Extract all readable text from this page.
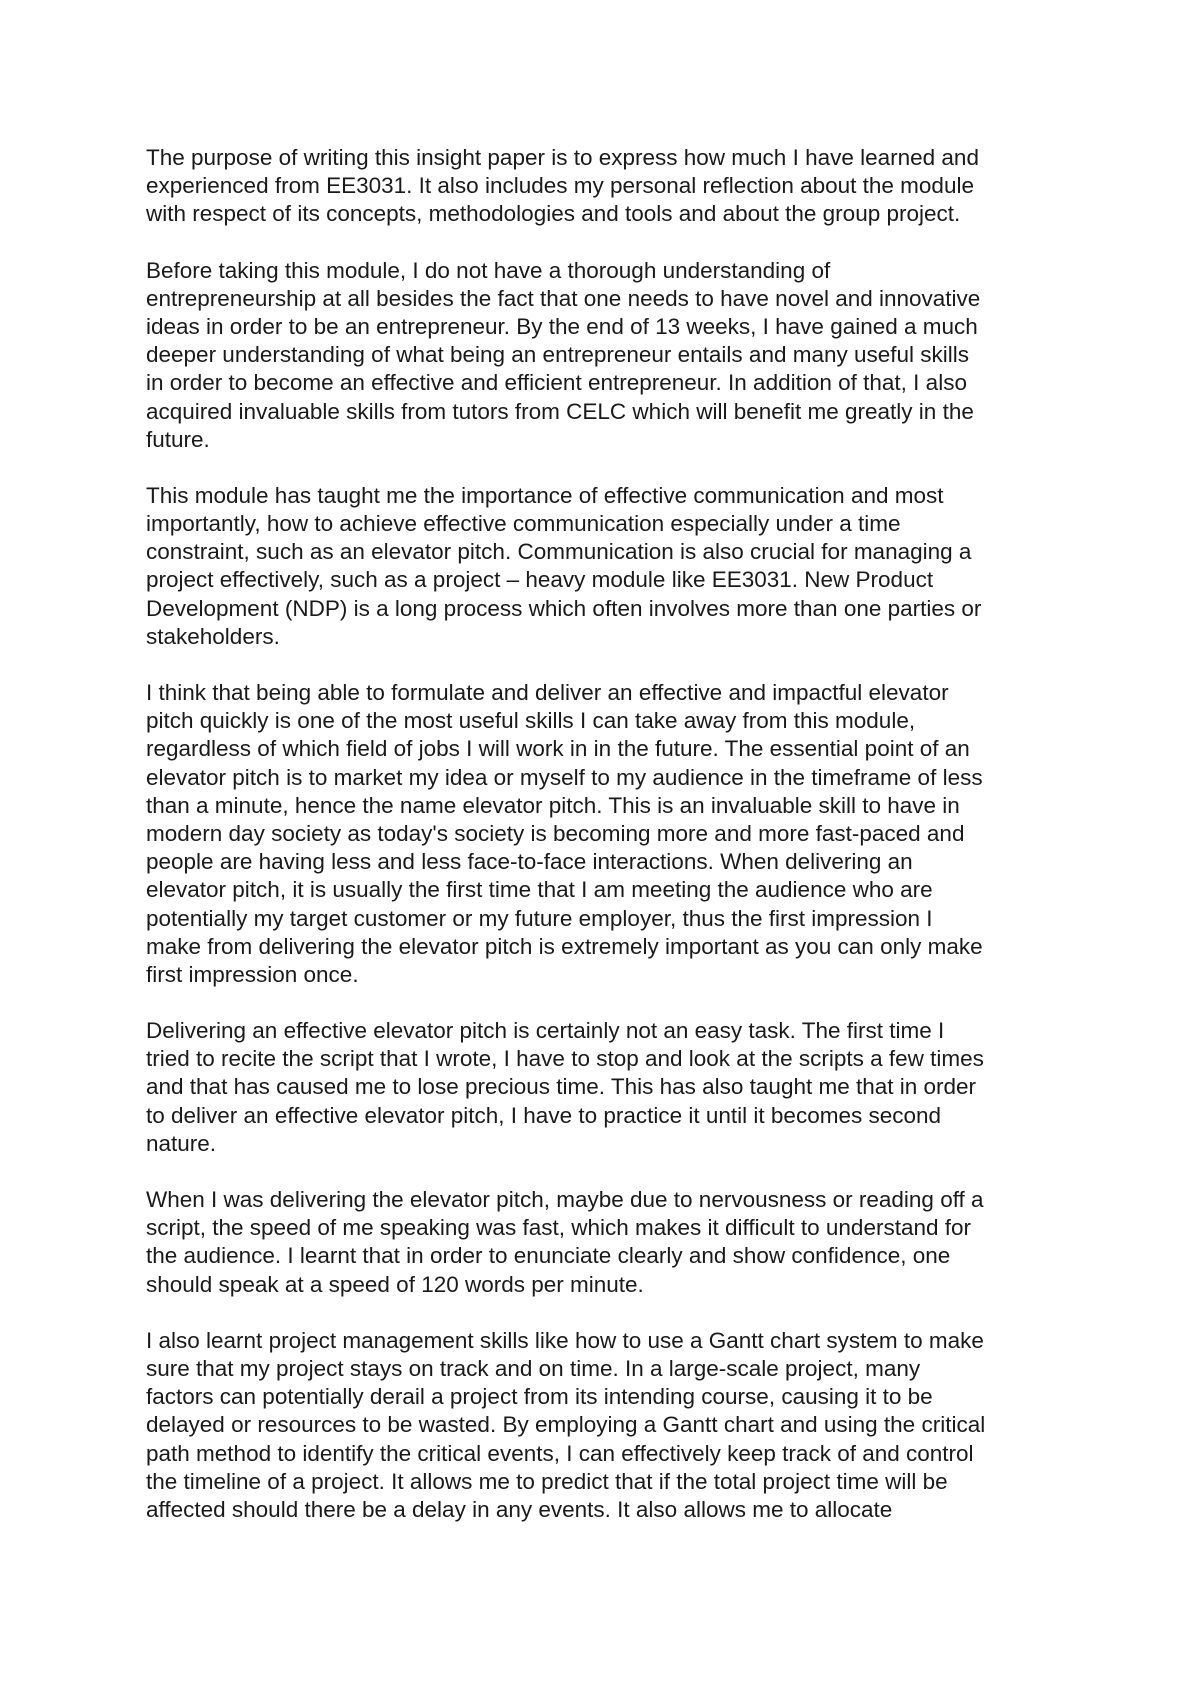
The purpose of writing this insight paper is to express how much I have learned and
experienced from EE3031. It also includes my personal reflection about the module
with respect of its concepts, methodologies and tools and about the group project.
Before taking this module, I do not have a thorough understanding of
entrepreneurship at all besides the fact that one needs to have novel and innovative
ideas in order to be an entrepreneur. By the end of 13 weeks, I have gained a much
deeper understanding of what being an entrepreneur entails and many useful skills
in order to become an effective and efficient entrepreneur. In addition of that, I also
acquired invaluable skills from tutors from CELC which will benefit me greatly in the
future.
This module has taught me the importance of effective communication and most
importantly, how to achieve effective communication especially under a time
constraint, such as an elevator pitch. Communication is also crucial for managing a
project effectively, such as a project – heavy module like EE3031. New Product
Development (NDP) is a long process which often involves more than one parties or
stakeholders.
I think that being able to formulate and deliver an effective and impactful elevator
pitch quickly is one of the most useful skills I can take away from this module,
regardless of which field of jobs I will work in in the future. The essential point of an
elevator pitch is to market my idea or myself to my audience in the timeframe of less
than a minute, hence the name elevator pitch. This is an invaluable skill to have in
modern day society as today's society is becoming more and more fast-paced and
people are having less and less face-to-face interactions. When delivering an
elevator pitch, it is usually the first time that I am meeting the audience who are
potentially my target customer or my future employer, thus the first impression I
make from delivering the elevator pitch is extremely important as you can only make
first impression once.
Delivering an effective elevator pitch is certainly not an easy task. The first time I
tried to recite the script that I wrote, I have to stop and look at the scripts a few times
and that has caused me to lose precious time. This has also taught me that in order
to deliver an effective elevator pitch, I have to practice it until it becomes second
nature.
When I was delivering the elevator pitch, maybe due to nervousness or reading off a
script, the speed of me speaking was fast, which makes it difficult to understand for
the audience. I learnt that in order to enunciate clearly and show confidence, one
should speak at a speed of 120 words per minute.
I also learnt project management skills like how to use a Gantt chart system to make
sure that my project stays on track and on time. In a large-scale project, many
factors can potentially derail a project from its intending course, causing it to be
delayed or resources to be wasted. By employing a Gantt chart and using the critical
path method to identify the critical events, I can effectively keep track of and control
the timeline of a project. It allows me to predict that if the total project time will be
affected should there be a delay in any events. It also allows me to allocate
